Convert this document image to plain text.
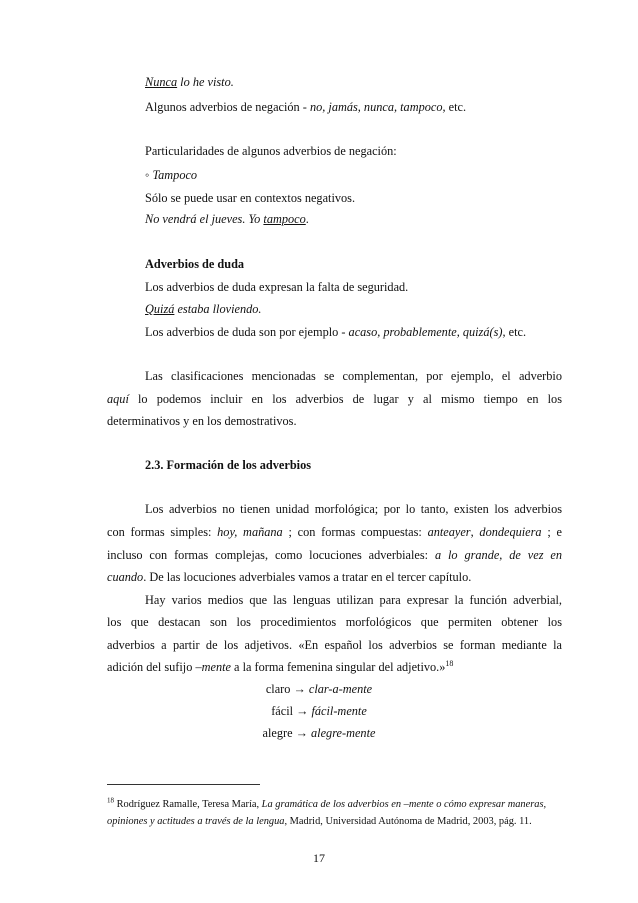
Nunca lo he visto.
Algunos adverbios de negación - no, jamás, nunca, tampoco, etc.
Particularidades de algunos adverbios de negación:
◦ Tampoco
Sólo se puede usar en contextos negativos.
No vendrá el jueves. Yo tampoco.
Adverbios de duda
Los adverbios de duda expresan la falta de seguridad.
Quizá estaba lloviendo.
Los adverbios de duda son por ejemplo - acaso, probablemente, quizá(s), etc.
Las clasificaciones mencionadas se complementan, por ejemplo, el adverbio
aquí lo podemos incluir en los adverbios de lugar y al mismo tiempo en los
determinativos y en los demostrativos.
2.3. Formación de los adverbios
Los adverbios no tienen unidad morfológica; por lo tanto, existen los adverbios
con formas simples: hoy, mañana ; con formas compuestas: anteayer, dondequiera ; e
incluso con formas complejas, como locuciones adverbiales: a lo grande, de vez en
cuando. De las locuciones adverbiales vamos a tratar en el tercer capítulo.
Hay varios medios que las lenguas utilizan para expresar la función adverbial,
los que destacan son los procedimientos morfológicos que permiten obtener los
adverbios a partir de los adjetivos. «En español los adverbios se forman mediante la
adición del sufijo –mente a la forma femenina singular del adjetivo.»$^{18}$
claro → clar-a-mente
fácil → fácil-mente
alegre → alegre-mente
$^{18}$ Rodríguez Ramalle, Teresa María, La gramática de los adverbios en –mente o cómo expresar maneras,
opiniones y actitudes a través de la lengua, Madrid, Universidad Autónoma de Madrid, 2003, pág. 11.
17
